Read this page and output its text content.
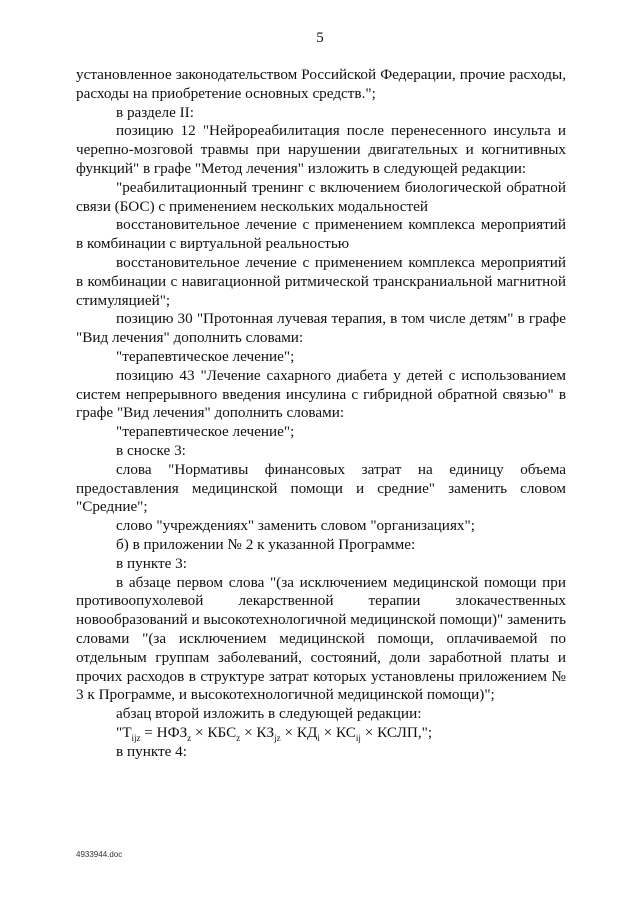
5

установленное законодательством Российской Федерации, прочие расходы, расходы на приобретение основных средств.";

в разделе II:

позицию 12 "Нейрореабилитация после перенесенного инсульта и черепно-мозговой травмы при нарушении двигательных и когнитивных функций" в графе "Метод лечения" изложить в следующей редакции:

"реабилитационный тренинг с включением биологической обратной связи (БОС) с применением нескольких модальностей

восстановительное лечение с применением комплекса мероприятий в комбинации с виртуальной реальностью

восстановительное лечение с применением комплекса мероприятий в комбинации с навигационной ритмической транскраниальной магнитной стимуляцией";

позицию 30 "Протонная лучевая терапия, в том числе детям" в графе "Вид лечения" дополнить словами:

"терапевтическое лечение";

позицию 43 "Лечение сахарного диабета у детей с использованием систем непрерывного введения инсулина с гибридной обратной связью" в графе "Вид лечения" дополнить словами:

"терапевтическое лечение";

в сноске 3:

слова "Нормативы финансовых затрат на единицу объема предоставления медицинской помощи и средние" заменить словом "Средние";

слово "учреждениях" заменить словом "организациях";

б) в приложении № 2 к указанной Программе:

в пункте 3:

в абзаце первом слова "(за исключением медицинской помощи при противоопухолевой лекарственной терапии злокачественных новообразований и высокотехнологичной медицинской помощи)" заменить словами "(за исключением медицинской помощи, оплачиваемой по отдельным группам заболеваний, состояний, доли заработной платы и прочих расходов в структуре затрат которых установлены приложением № 3 к Программе, и высокотехнологичной медицинской помощи)";

абзац второй изложить в следующей редакции:

"$Т_{ijz} = НФЗ_z \times КБС_z \times КЗ_{jz} \times КД_i \times КС_{ij}$ × КСЛП,";

в пункте 4:

4933944.doc
